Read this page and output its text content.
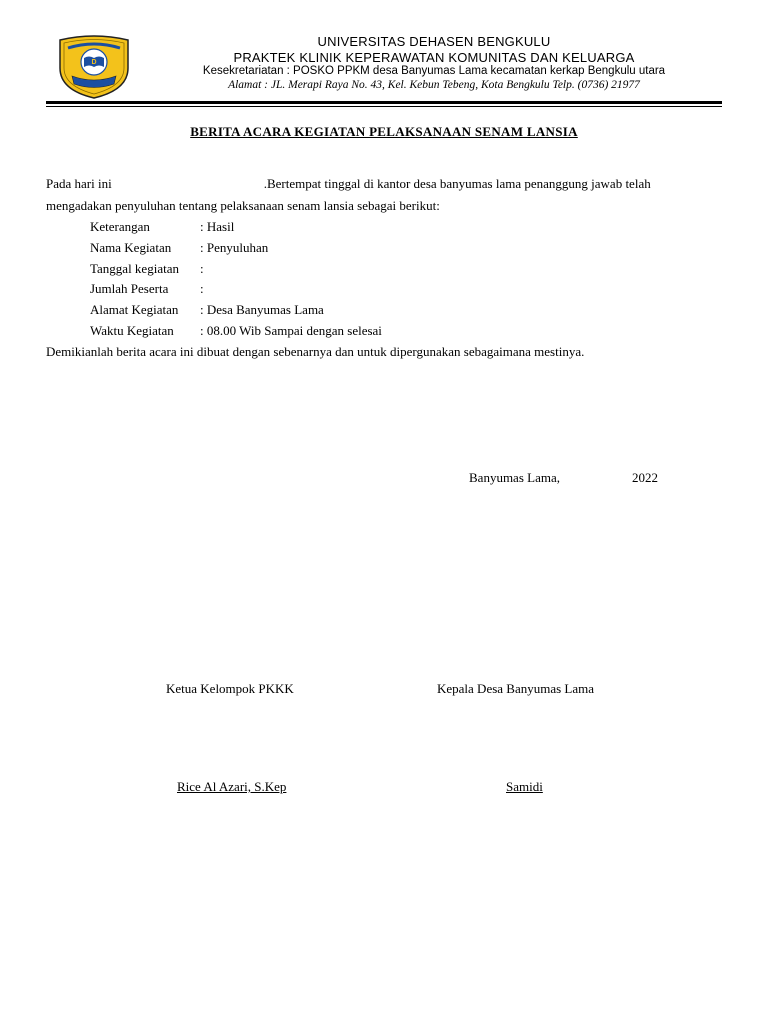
D
UNIVERSITAS DEHASEN BENGKULU
PRAKTEK KLINIK KEPERAWATAN KOMUNITAS DAN KELUARGA
Kesekretariatan : POSKO PPKM desa Banyumas Lama kecamatan kerkap Bengkulu utara
Alamat : JL. Merapi Raya No. 43, Kel. Kebun Tebeng, Kota Bengkulu Telp. (0736) 21977
BERITA ACARA KEGIATAN PELAKSANAAN SENAM LANSIA
Pada hari ini	.Bertempat tinggal di kantor desa banyumas lama penanggung jawab telah
mengadakan penyuluhan tentang pelaksanaan senam lansia sebagai berikut:
Keterangan	: Hasil
Nama Kegiatan : Penyuluhan
Tanggal kegiatan :
Jumlah Peserta :
Alamat Kegiatan : Desa Banyumas Lama
Waktu Kegiatan : 08.00 Wib Sampai dengan selesai
Demikianlah berita acara ini dibuat dengan sebenarnya dan untuk dipergunakan sebagaimana mestinya.
Banyumas Lama,	2022
Ketua Kelompok PKKK	Kepala Desa Banyumas Lama
Rice Al Azari, S.Kep	Samidi
